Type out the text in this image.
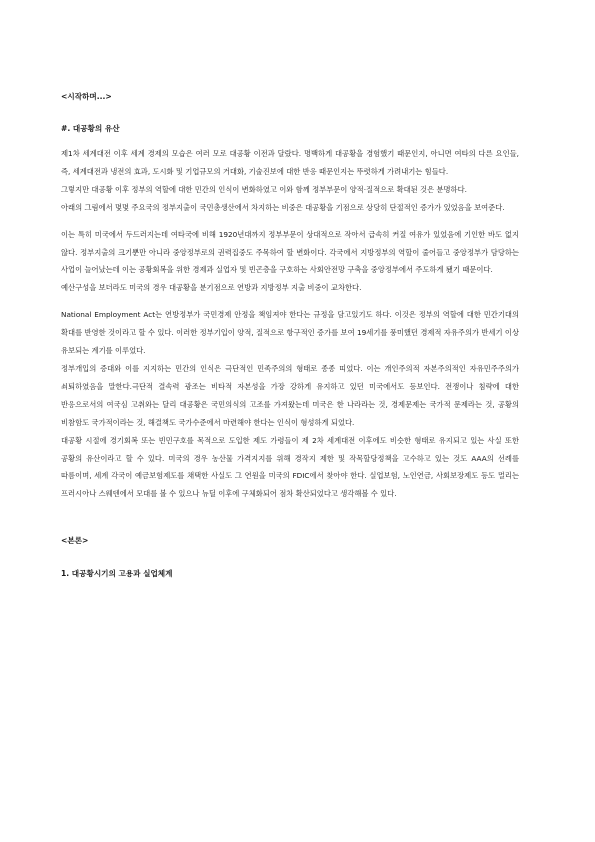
<시작하며...>

#. 대공황의 유산

제1차 세계대전 이후 세계 경제의 모습은 여러 모로 대공황 이전과 달랐다. 명백하게 대공황을 경험했기 때문인지, 아니면 여타의 다른 요인들, 즉, 세계대전과 냉전의 효과, 도시화 및 기업규모의 거대화, 기술진보에 대한 반응 때문인지는 뚜렷하게 가려내기는 힘들다.

그렇지만 대공황 이후 정부의 역할에 대한 민간의 인식이 변화하였고 이와 함께 정부부문이 양적·질적으로 확대된 것은 분명하다.

아래의 그림에서 몇몇 주요국의 정부지출이 국민총생산에서 차지하는 비중은 대공황을 기점으로 상당히 단절적인 증가가 있었음을 보여준다.

이는 특히 미국에서 두드러지는데 여타국에 비해 1920년대까지 정부부문이 상대적으로 작아서 급속히 커질 여유가 있었음에 기인한 바도 없지 않다. 정부지출의 크기뿐만 아니라 중앙정부로의 권력집중도 주목하여 할 변화이다. 각국에서 지방정부의 역할이 줄어들고 중앙정부가 담당하는 사업이 늘어났는데 이는 공황회복을 위한 경제과 실업자 및 빈곤층을 구호하는 사회안전망 구축을 중앙정부에서 주도하게 됐기 때문이다.

예산구성을 보더라도 미국의 경우 대공황을 분기점으로 연방과 지방정부 지출 비중이 교차한다.

National Employment Act는 연방정부가 국민경제 안정을 책임져야 한다는 규정을 담고있기도 하다. 이것은 정부의 역할에 대한 민간기대의 확대를 반영한 것이라고 할 수 있다. 이러한 정부기입이 양적, 질적으로 항구적인 증가를 보여 19세기를 풍미했던 경제적 자유주의가 반세기 이상 유보되는 계기를 이루었다.

정부개입의 증대와 이를 지지하는 민간의 인식은 극단적인 민족주의의 형태로 종종 띠었다. 이는 개인주의적 자본주의적인 자유민주주의가 쇠퇴하였음을 말한다.극단적 결속력 광조는 비타적 자본성을 가장 강하게 유지하고 있던 미국에서도 등보인다. 전쟁이나 침략에 대한 반응으로서의 여국심 고취와는 달리 대공황은 국민의식의 고조를 가져왔는데 미국은 한 나라라는 것, 경제문제는 국가적 문제라는 것, 공황의 비참함도 국가적이라는 것, 해결책도 국가수준에서 마련해야 한다는 인식이 형성하게 되었다.

대공황 시절에 경기회복 또는 빈민구호를 목적으로 도입한 제도 가령들이 제 2차 세계대전 이후에도 비슷한 형태로 유지되고 있는 사실 또한 공황의 유산이라고 할 수 있다. 미국의 경우 농산물 가격지지를 위해 경작지 제한 및 작목할당정책을 고수하고 있는 것도 AAA의 선례를 따름이며, 세계 각국이 예금보험제도를 채택한 사실도 그 연원을 미국의 FDIC에서 찾아야 한다. 실업보험, 노인연금, 사회보장제도 등도 멀리는 프러시아나 스웨덴에서 모대를 볼 수 있으나 뉴딜 이후에 구체화되어 점차 확산되었다고 생각해볼 수 있다.

<본론>

1. 대공황시기의 고용과 실업체계
